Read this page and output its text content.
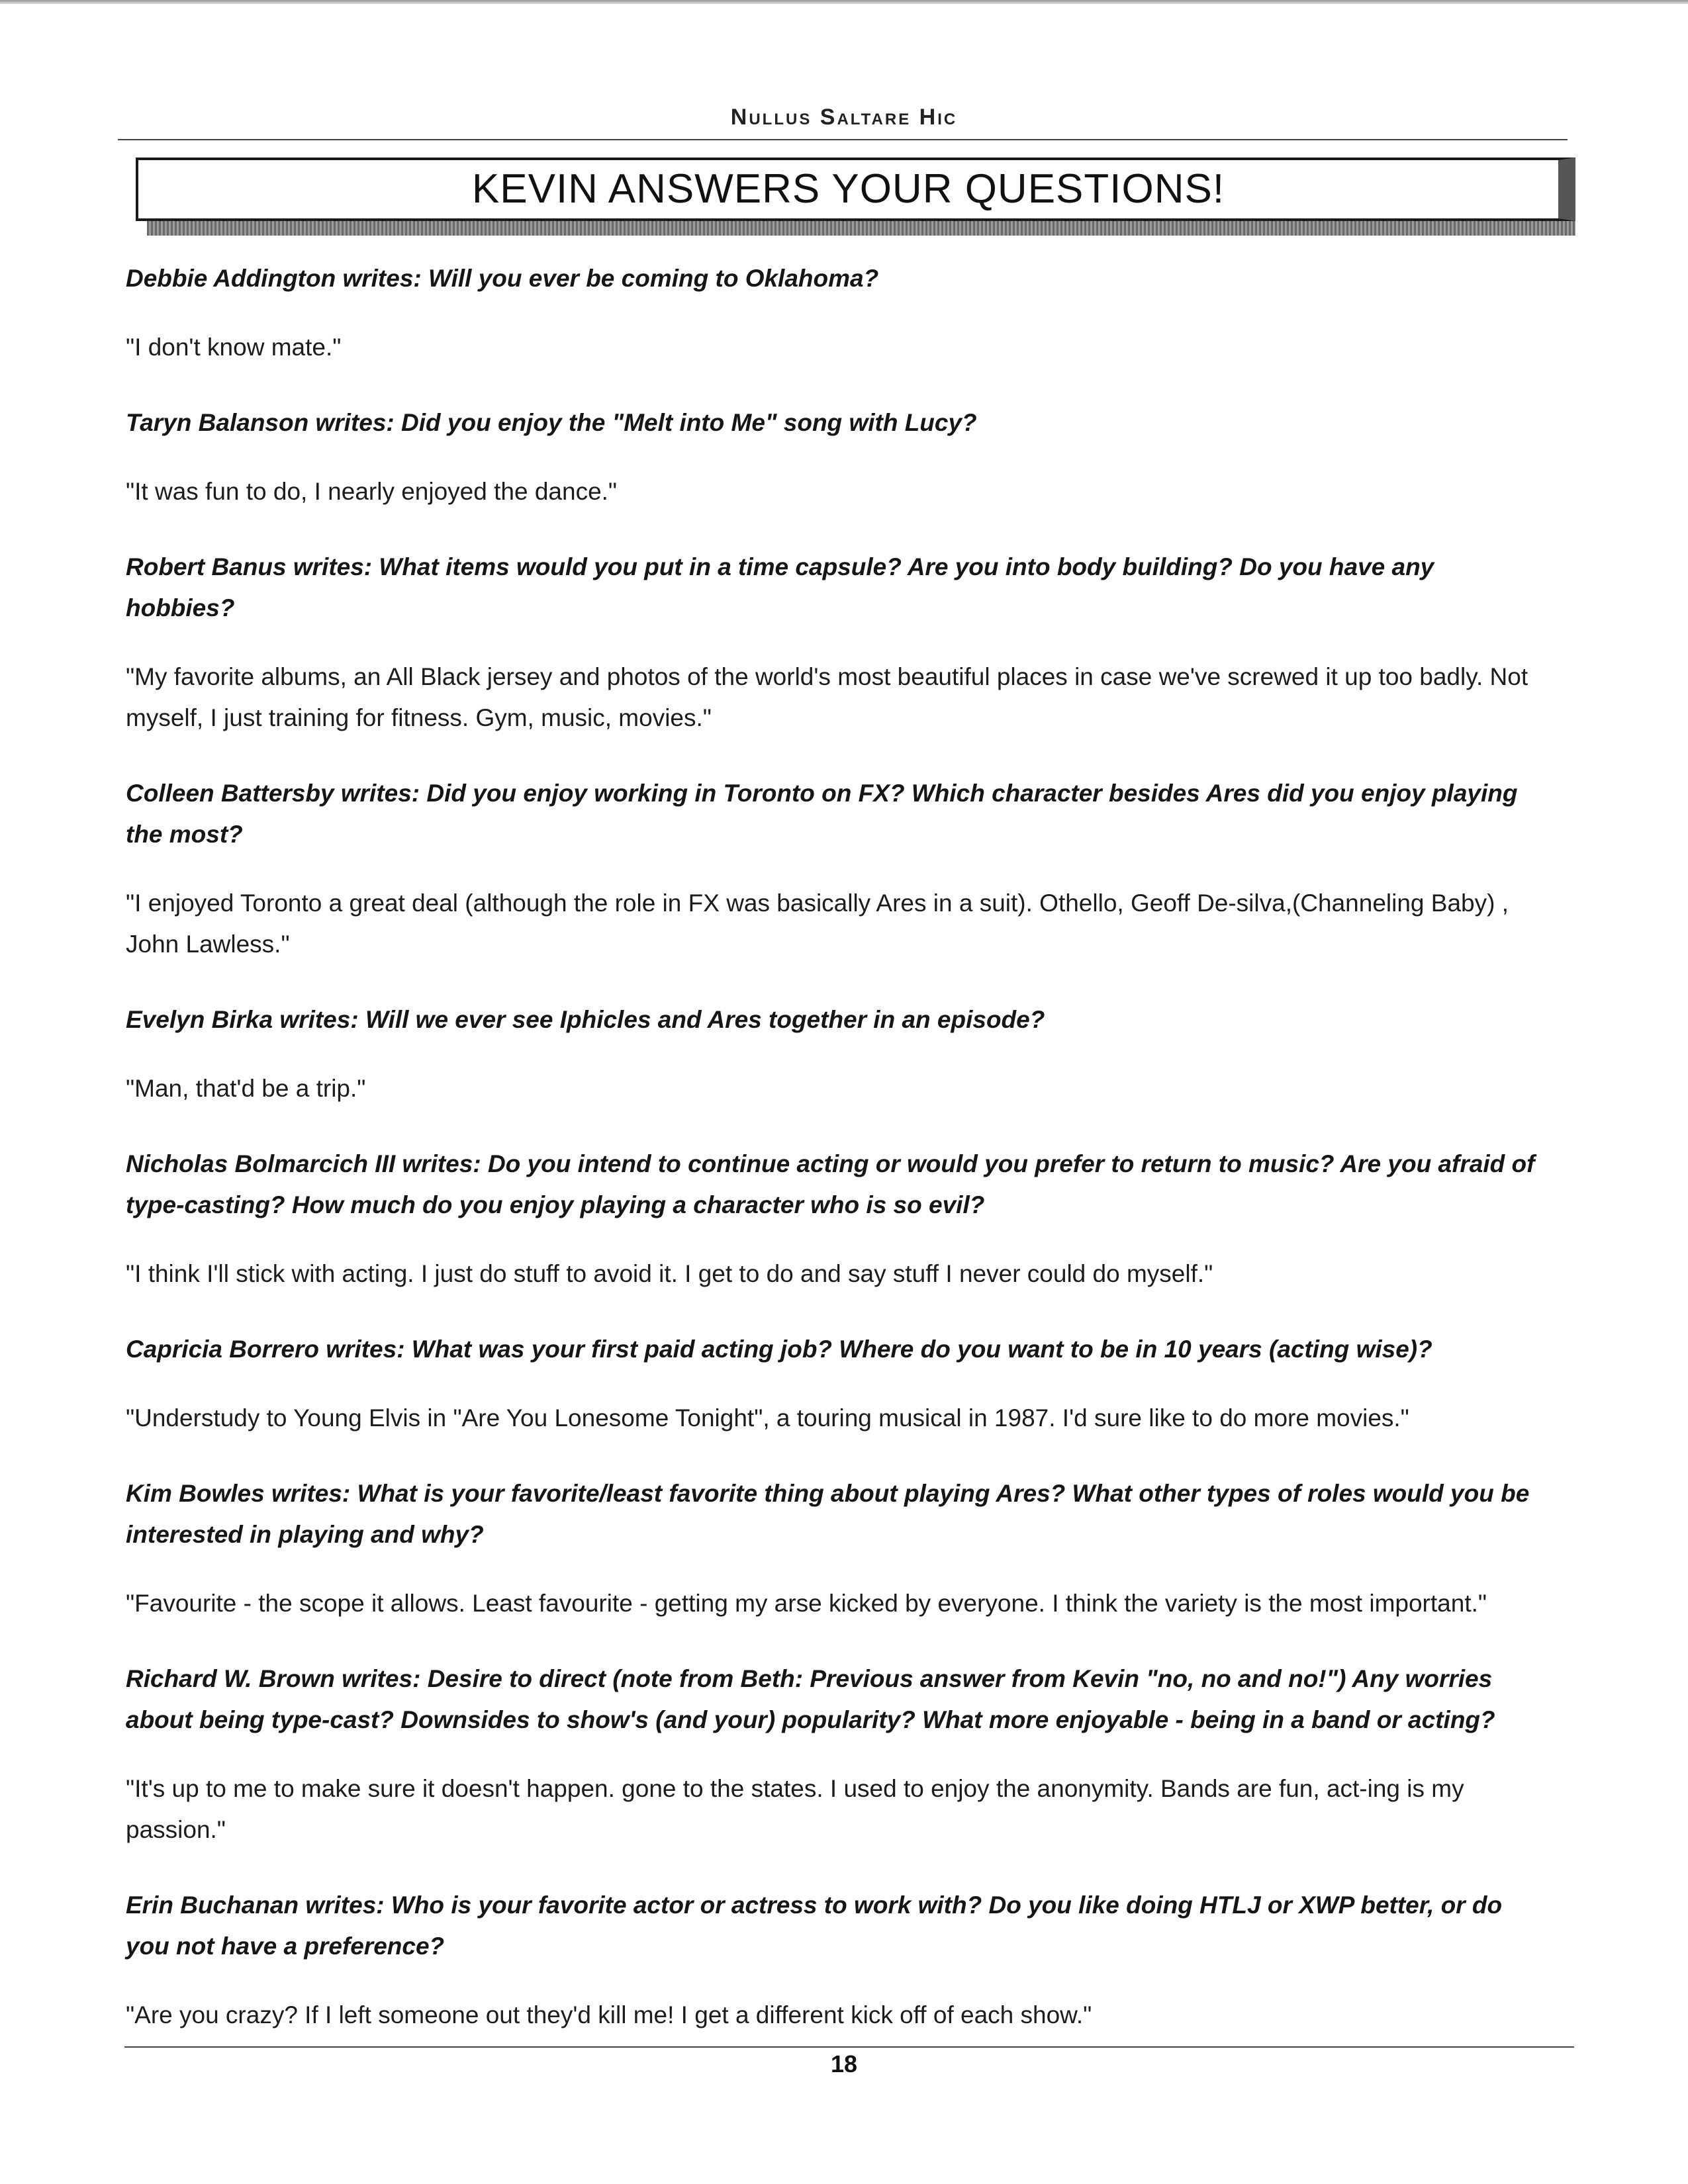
Nullus Saltare Hic
KEVIN ANSWERS YOUR QUESTIONS!

Debbie Addington writes: Will you ever be coming to Oklahoma?

"I don't know mate."

Taryn Balanson writes: Did you enjoy the "Melt into Me" song with Lucy?

"It was fun to do, I nearly enjoyed the dance."

Robert Banus writes: What items would you put in a time capsule? Are you into body building? Do you have any hobbies?

"My favorite albums, an All Black jersey and photos of the world's most beautiful places in case we've screwed it up too badly. Not myself, I just training for fitness. Gym, music, movies."

Colleen Battersby writes: Did you enjoy working in Toronto on FX? Which character besides Ares did you enjoy playing the most?

"I enjoyed Toronto a great deal (although the role in FX was basically Ares in a suit). Othello, Geoff De-silva,(Channeling Baby) , John Lawless."

Evelyn Birka writes: Will we ever see Iphicles and Ares together in an episode?

"Man, that'd be a trip."

Nicholas Bolmarcich III writes: Do you intend to continue acting or would you prefer to return to music? Are you afraid of type-casting? How much do you enjoy playing a character who is so evil?

"I think I'll stick with acting. I just do stuff to avoid it. I get to do and say stuff I never could do myself."

Capricia Borrero writes: What was your first paid acting job? Where do you want to be in 10 years (acting wise)?

"Understudy to Young Elvis in "Are You Lonesome Tonight", a touring musical in 1987. I'd sure like to do more movies."

Kim Bowles writes: What is your favorite/least favorite thing about playing Ares? What other types of roles would you be interested in playing and why?

"Favourite - the scope it allows. Least favourite - getting my arse kicked by everyone. I think the variety is the most important."

Richard W. Brown writes: Desire to direct (note from Beth: Previous answer from Kevin "no, no and no!") Any worries about being type-cast? Downsides to show's (and your) popularity? What more enjoyable - being in a band or acting?

"It's up to me to make sure it doesn't happen. gone to the states. I used to enjoy the anonymity. Bands are fun, act-ing is my passion."

Erin Buchanan writes: Who is your favorite actor or actress to work with? Do you like doing HTLJ or XWP better, or do you not have a preference?

"Are you crazy? If I left someone out they'd kill me! I get a different kick off of each show."

18
